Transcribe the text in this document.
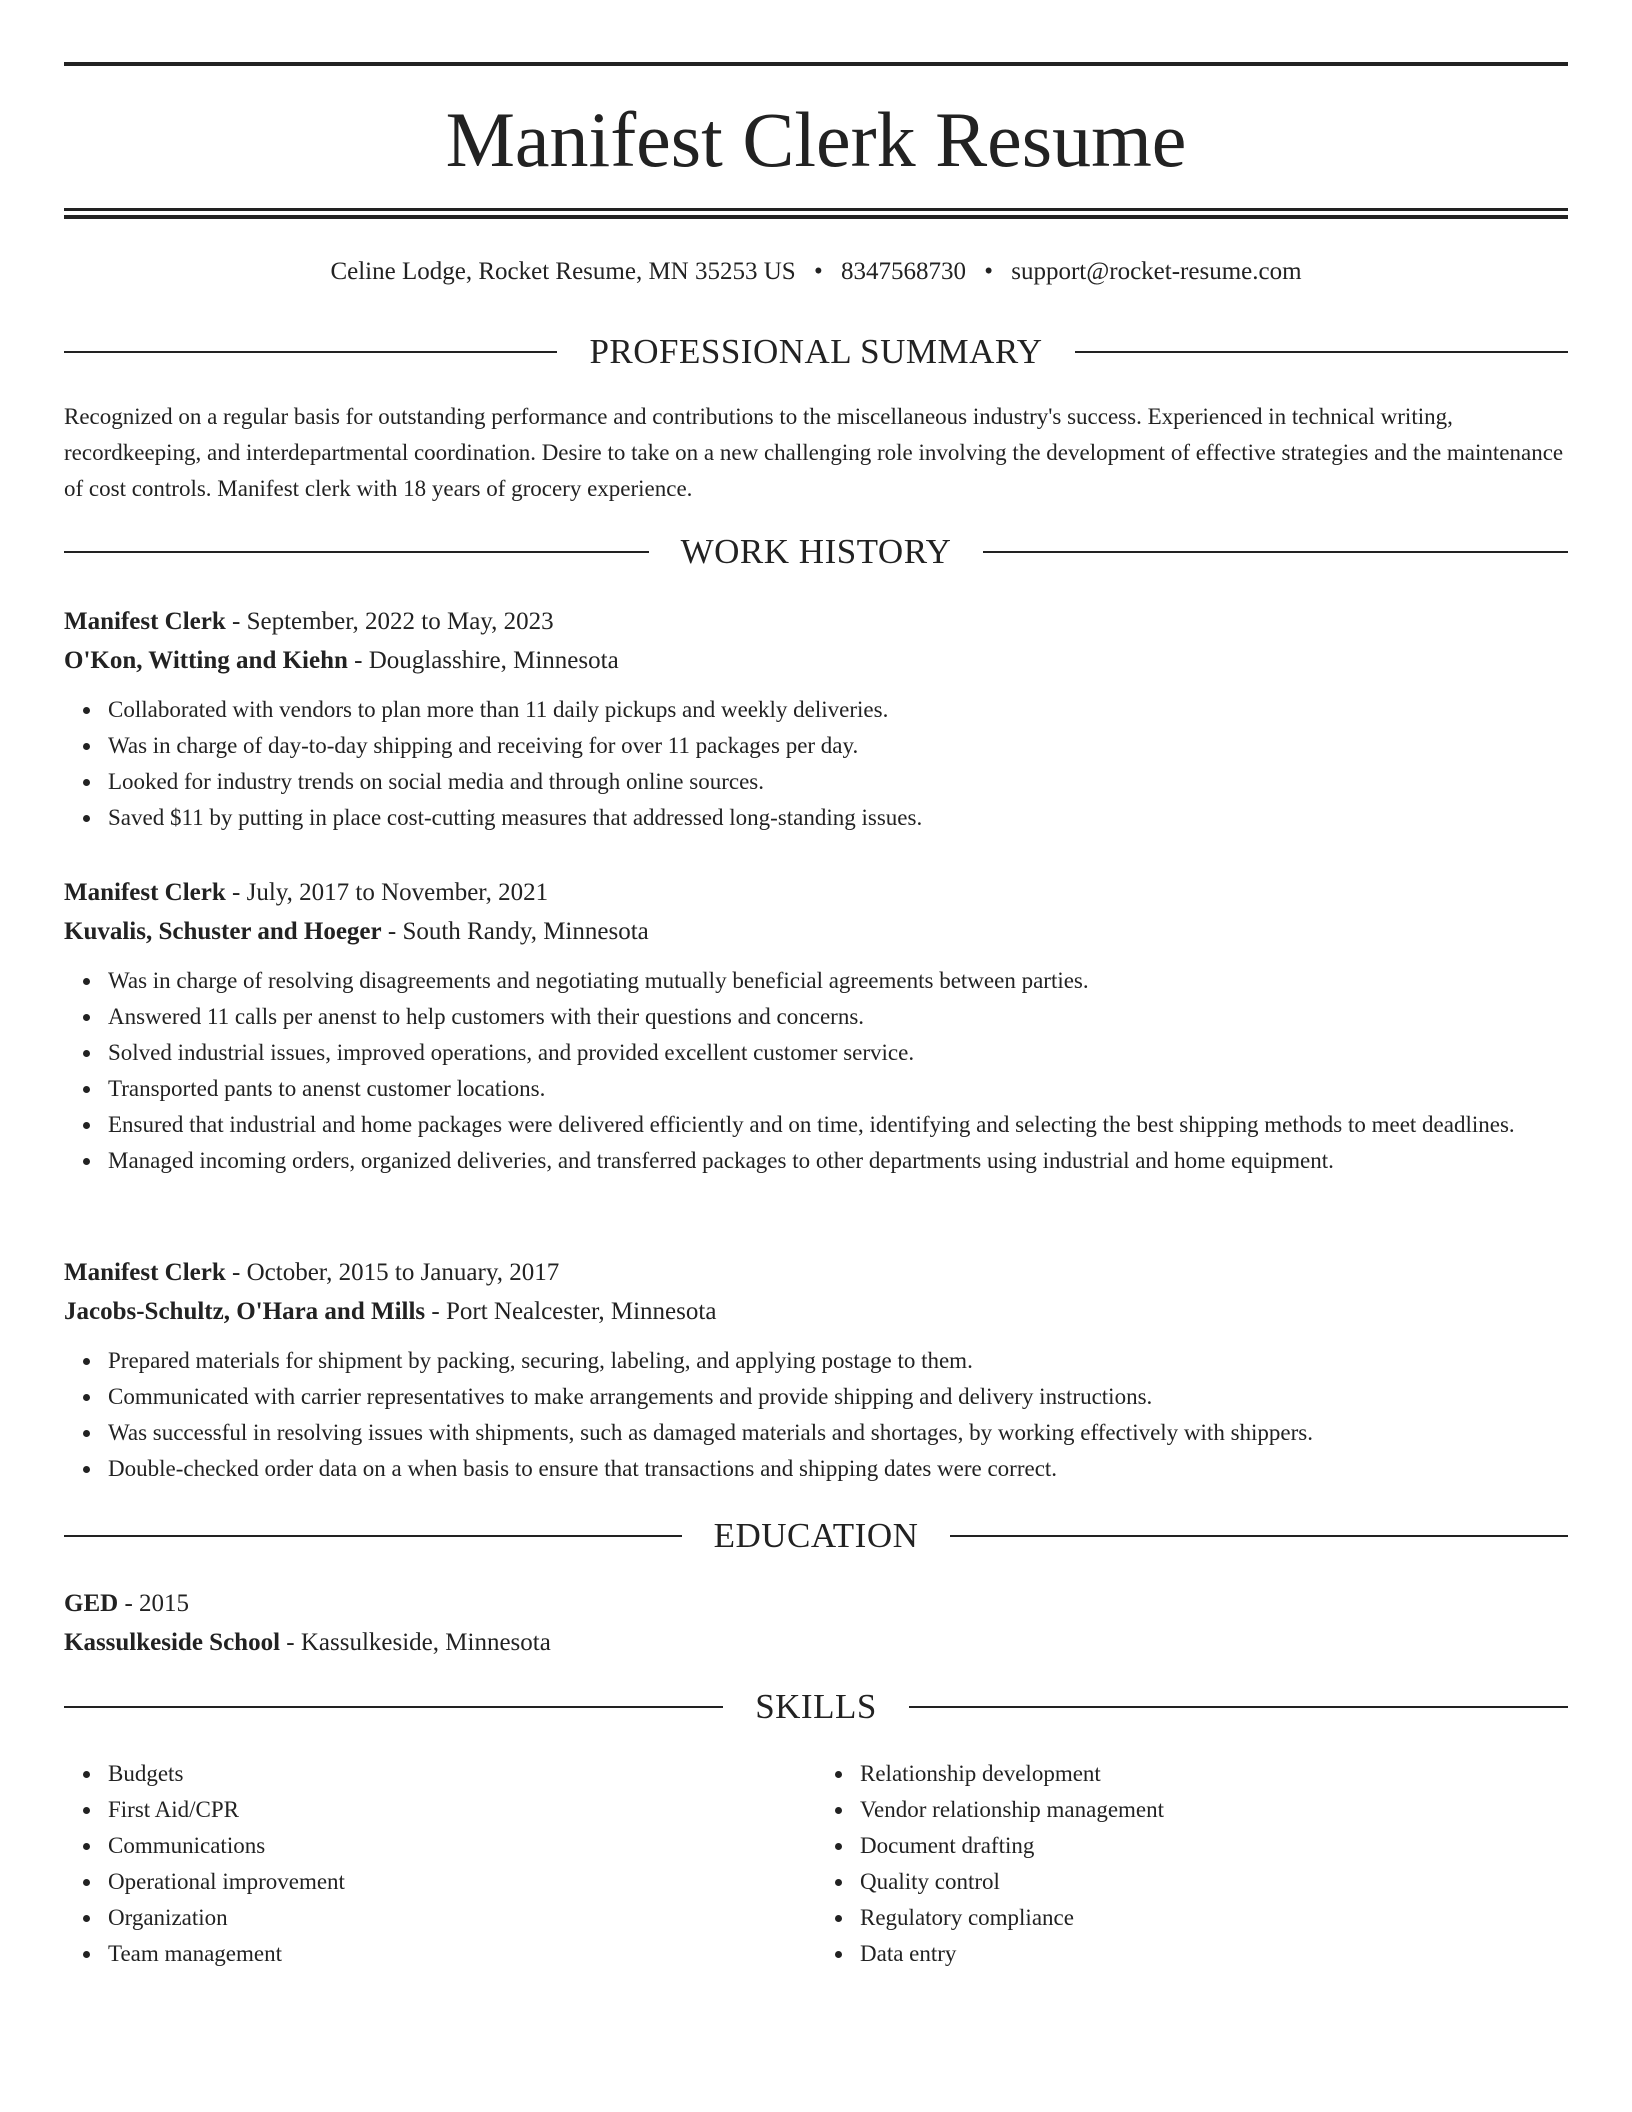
Manifest Clerk Resume
Celine Lodge, Rocket Resume, MN 35253 US • 8347568730 • support@rocket-resume.com
PROFESSIONAL SUMMARY

Recognized on a regular basis for outstanding performance and contributions to the miscellaneous industry's success. Experienced in technical writing, recordkeeping, and interdepartmental coordination. Desire to take on a new challenging role involving the development of effective strategies and the maintenance of cost controls. Manifest clerk with 18 years of grocery experience.

WORK HISTORY

Manifest Clerk - September, 2022 to May, 2023

O'Kon, Witting and Kiehn - Douglasshire, Minnesota

Collaborated with vendors to plan more than 11 daily pickups and weekly deliveries.
Was in charge of day-to-day shipping and receiving for over 11 packages per day.
Looked for industry trends on social media and through online sources.
Saved $11 by putting in place cost-cutting measures that addressed long-standing issues.

Manifest Clerk - July, 2017 to November, 2021

Kuvalis, Schuster and Hoeger - South Randy, Minnesota

Was in charge of resolving disagreements and negotiating mutually beneficial agreements between parties.
Answered 11 calls per anenst to help customers with their questions and concerns.
Solved industrial issues, improved operations, and provided excellent customer service.
Transported pants to anenst customer locations.
Ensured that industrial and home packages were delivered efficiently and on time, identifying and selecting the best shipping methods to meet deadlines.
Managed incoming orders, organized deliveries, and transferred packages to other departments using industrial and home equipment.

Manifest Clerk - October, 2015 to January, 2017

Jacobs-Schultz, O'Hara and Mills - Port Nealcester, Minnesota

Prepared materials for shipment by packing, securing, labeling, and applying postage to them.
Communicated with carrier representatives to make arrangements and provide shipping and delivery instructions.
Was successful in resolving issues with shipments, such as damaged materials and shortages, by working effectively with shippers.
Double-checked order data on a when basis to ensure that transactions and shipping dates were correct.
EDUCATION

GED - 2015

Kassulkeside School - Kassulkeside, Minnesota

SKILLS
Budgets
First Aid/CPR
Communications
Operational improvement
Organization
Team management
Relationship development
Vendor relationship management
Document drafting
Quality control
Regulatory compliance
Data entry
